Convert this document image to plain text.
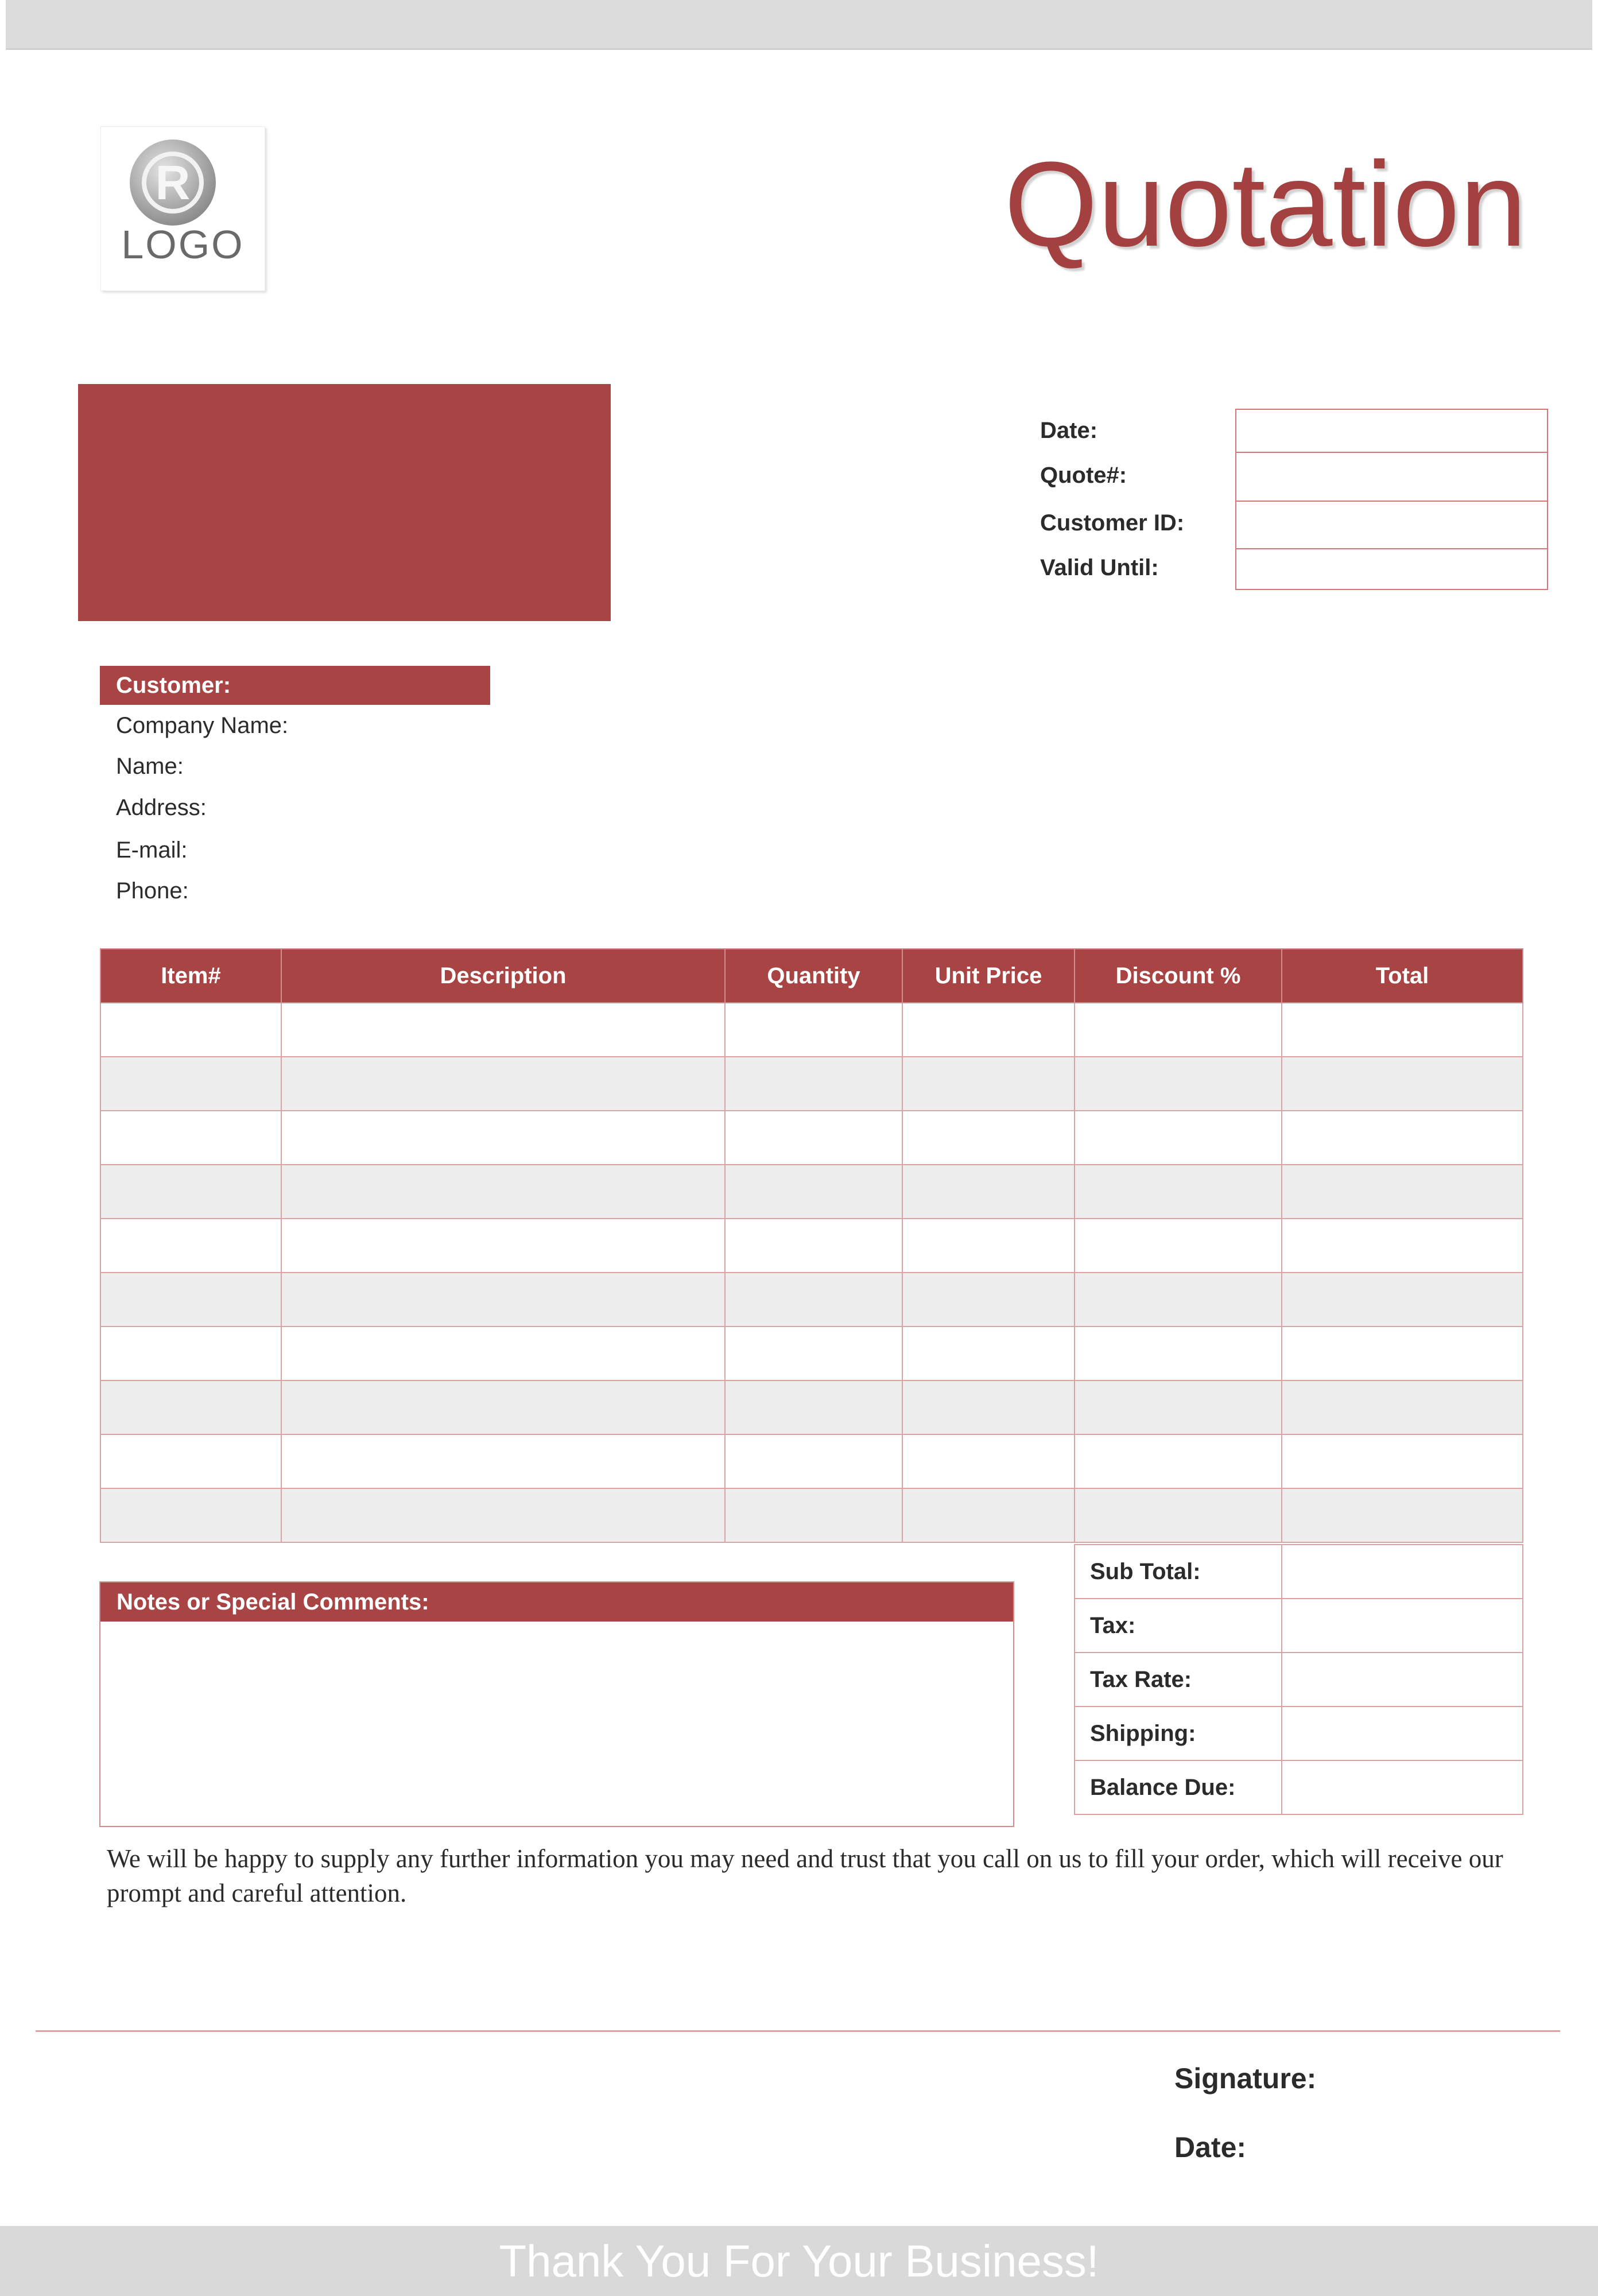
R
LOGO	Quotation
Date:
Quote#:
Customer ID:
Valid Until:
Customer:
Company Name:
Name:
Address:
E-mail:
Phone:
Item#	Description	Quantity	Unit Price	Discount %	Total

Notes or Special Comments:
Sub Total:	
Tax:	
Tax Rate:	
Shipping:	
Balance Due:	
We will be happy to supply any further information you may need and trust that you call on us to fill your order, which will receive our prompt and careful attention.
Signature:
Date:
Thank You For Your Business!
